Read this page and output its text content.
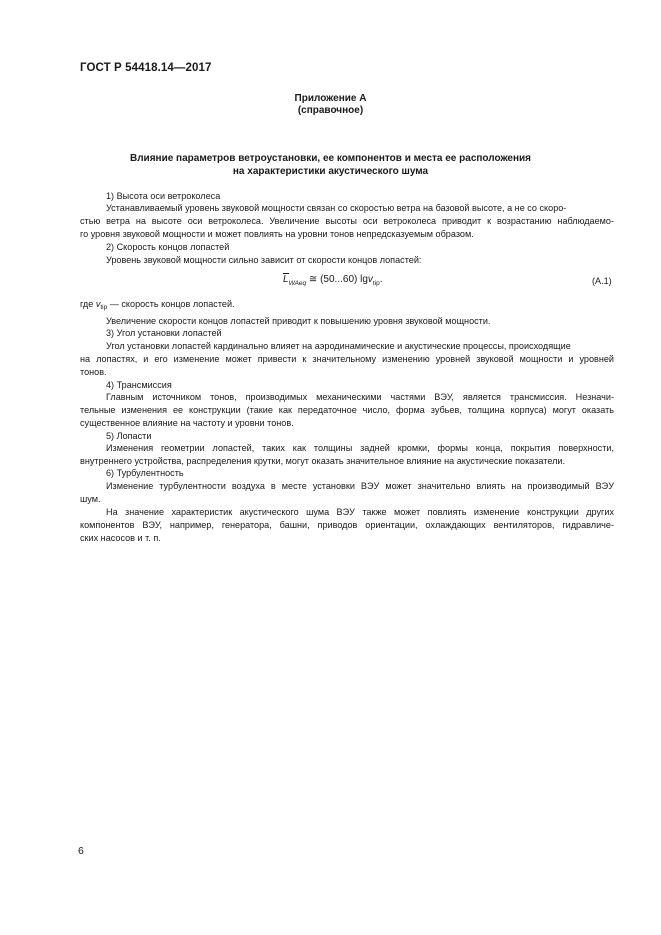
ГОСТ Р 54418.14—2017
Приложение А
(справочное)
Влияние параметров ветроустановки, ее компонентов и места ее расположения
на характеристики акустического шума
1) Высота оси ветроколеса
Устанавливаемый уровень звуковой мощности связан со скоростью ветра на базовой высоте, а не со скоро-
стью ветра на высоте оси ветроколеса. Увеличение высоты оси ветроколеса приводит к возрастанию наблюдаемо-
го уровня звуковой мощности и может повлиять на уровни тонов непредсказуемым образом.
2) Скорость концов лопастей
Уровень звуковой мощности сильно зависит от скорости концов лопастей:
$L_{WAeq}$ ≅ (50...60) lgv$_{tip}$.	(А.1)
где $v_{tip}$ — скорость концов лопастей.
Увеличение скорости концов лопастей приводит к повышению уровня звуковой мощности.
3) Угол установки лопастей
Угол установки лопастей кардинально влияет на аэродинамические и акустические процессы, происходящие
на лопастях, и его изменение может привести к значительному изменению уровней звуковой мощности и уровней
тонов.
4) Трансмиссия
Главным источником тонов, производимых механическими частями ВЭУ, является трансмиссия. Незначи-
тельные изменения ее конструкции (такие как передаточное число, форма зубьев, толщина корпуса) могут оказать
существенное влияние на частоту и уровни тонов.
5) Лопасти
Изменения геометрии лопастей, таких как толщины задней кромки, формы конца, покрытия поверхности,
внутреннего устройства, распределения крутки, могут оказать значительное влияние на акустические показатели.
6) Турбулентность
Изменение турбулентности воздуха в месте установки ВЭУ может значительно влиять на производимый ВЭУ
шум.
На значение характеристик акустического шума ВЭУ также может повлиять изменение конструкции других
компонентов ВЭУ, например, генератора, башни, приводов ориентации, охлаждающих вентиляторов, гидравличе-
ских насосов и т. п.
6
